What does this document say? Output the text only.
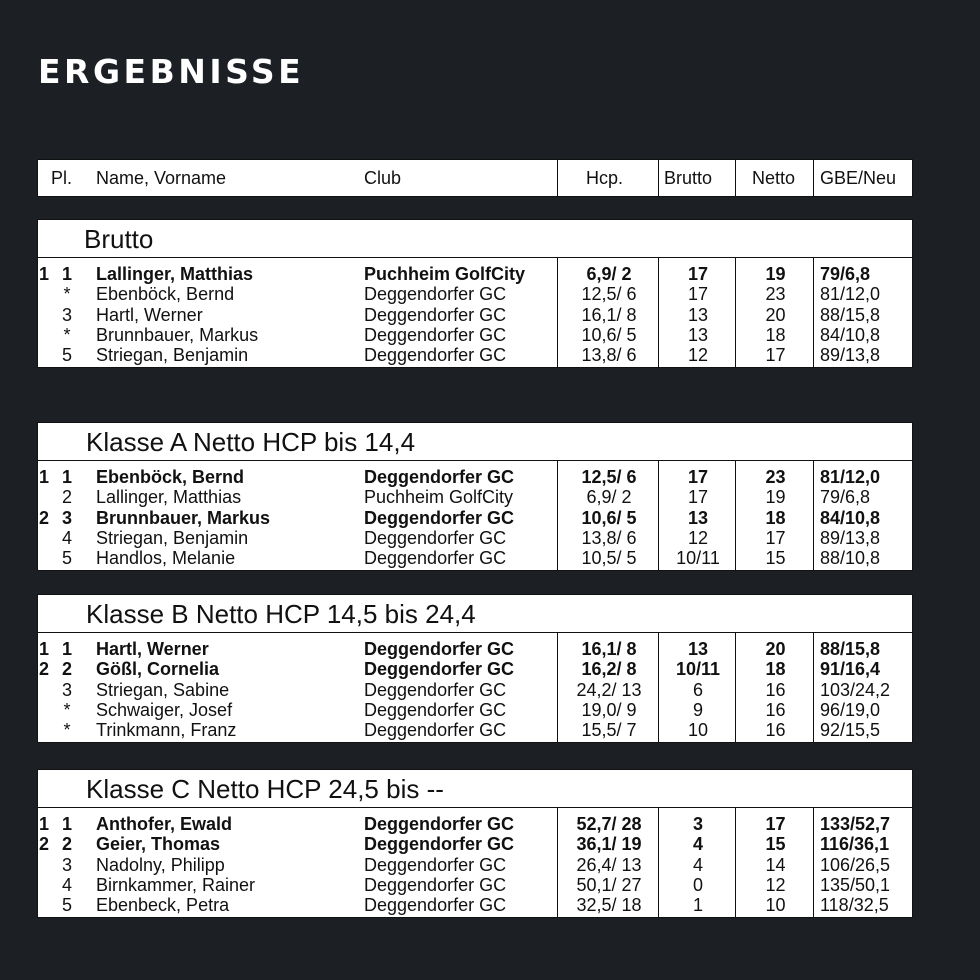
ERGEBNISSE
Pl. Name, Vorname	Club	Hcp. Brutto Netto GBE/Neu
Brutto
1 1 Lallinger, Matthias	Puchheim GolfCity	6,9/ 2	17	19	79/6,8
*	Ebenböck, Bernd	Deggendorfer GC	12,5/ 6	17	23	81/12,0
3 Hartl, Werner	Deggendorfer GC	16,1/ 8	13	20	88/15,8
*	Brunnbauer, Markus	Deggendorfer GC	10,6/ 5	13	18	84/10,8
5 Striegan, Benjamin	Deggendorfer GC	13,8/ 6	12	17	89/13,8
Klasse A Netto HCP bis 14,4
1 1 Ebenböck, Bernd	Deggendorfer GC	12,5/ 6	17	23	81/12,0
2 Lallinger, Matthias	Puchheim GolfCity	6,9/ 2	17	19	79/6,8
2 3 Brunnbauer, Markus	Deggendorfer GC	10,6/ 5	13	18	84/10,8
4 Striegan, Benjamin	Deggendorfer GC	13,8/ 6	12	17	89/13,8
5 Handlos, Melanie	Deggendorfer GC	10,5/ 5	10/11	15	88/10,8
Klasse B Netto HCP 14,5 bis 24,4
1 1 Hartl, Werner	Deggendorfer GC	16,1/ 8	13	20	88/15,8
2 2 Gößl, Cornelia	Deggendorfer GC	16,2/ 8	10/11	18	91/16,4
3 Striegan, Sabine	Deggendorfer GC	24,2/ 13	6	16	103/24,2
*	Schwaiger, Josef	Deggendorfer GC	19,0/ 9	9	16	96/19,0
*	Trinkmann, Franz	Deggendorfer GC	15,5/ 7	10	16	92/15,5
Klasse C Netto HCP 24,5 bis --
1 1 Anthofer, Ewald	Deggendorfer GC	52,7/ 28	3	17	133/52,7
2 2 Geier, Thomas	Deggendorfer GC	36,1/ 19	4	15	116/36,1
3 Nadolny, Philipp	Deggendorfer GC	26,4/ 13	4	14	106/26,5
4 Birnkammer, Rainer	Deggendorfer GC	50,1/ 27	0	12	135/50,1
5 Ebenbeck, Petra	Deggendorfer GC	32,5/ 18	1	10	118/32,5
